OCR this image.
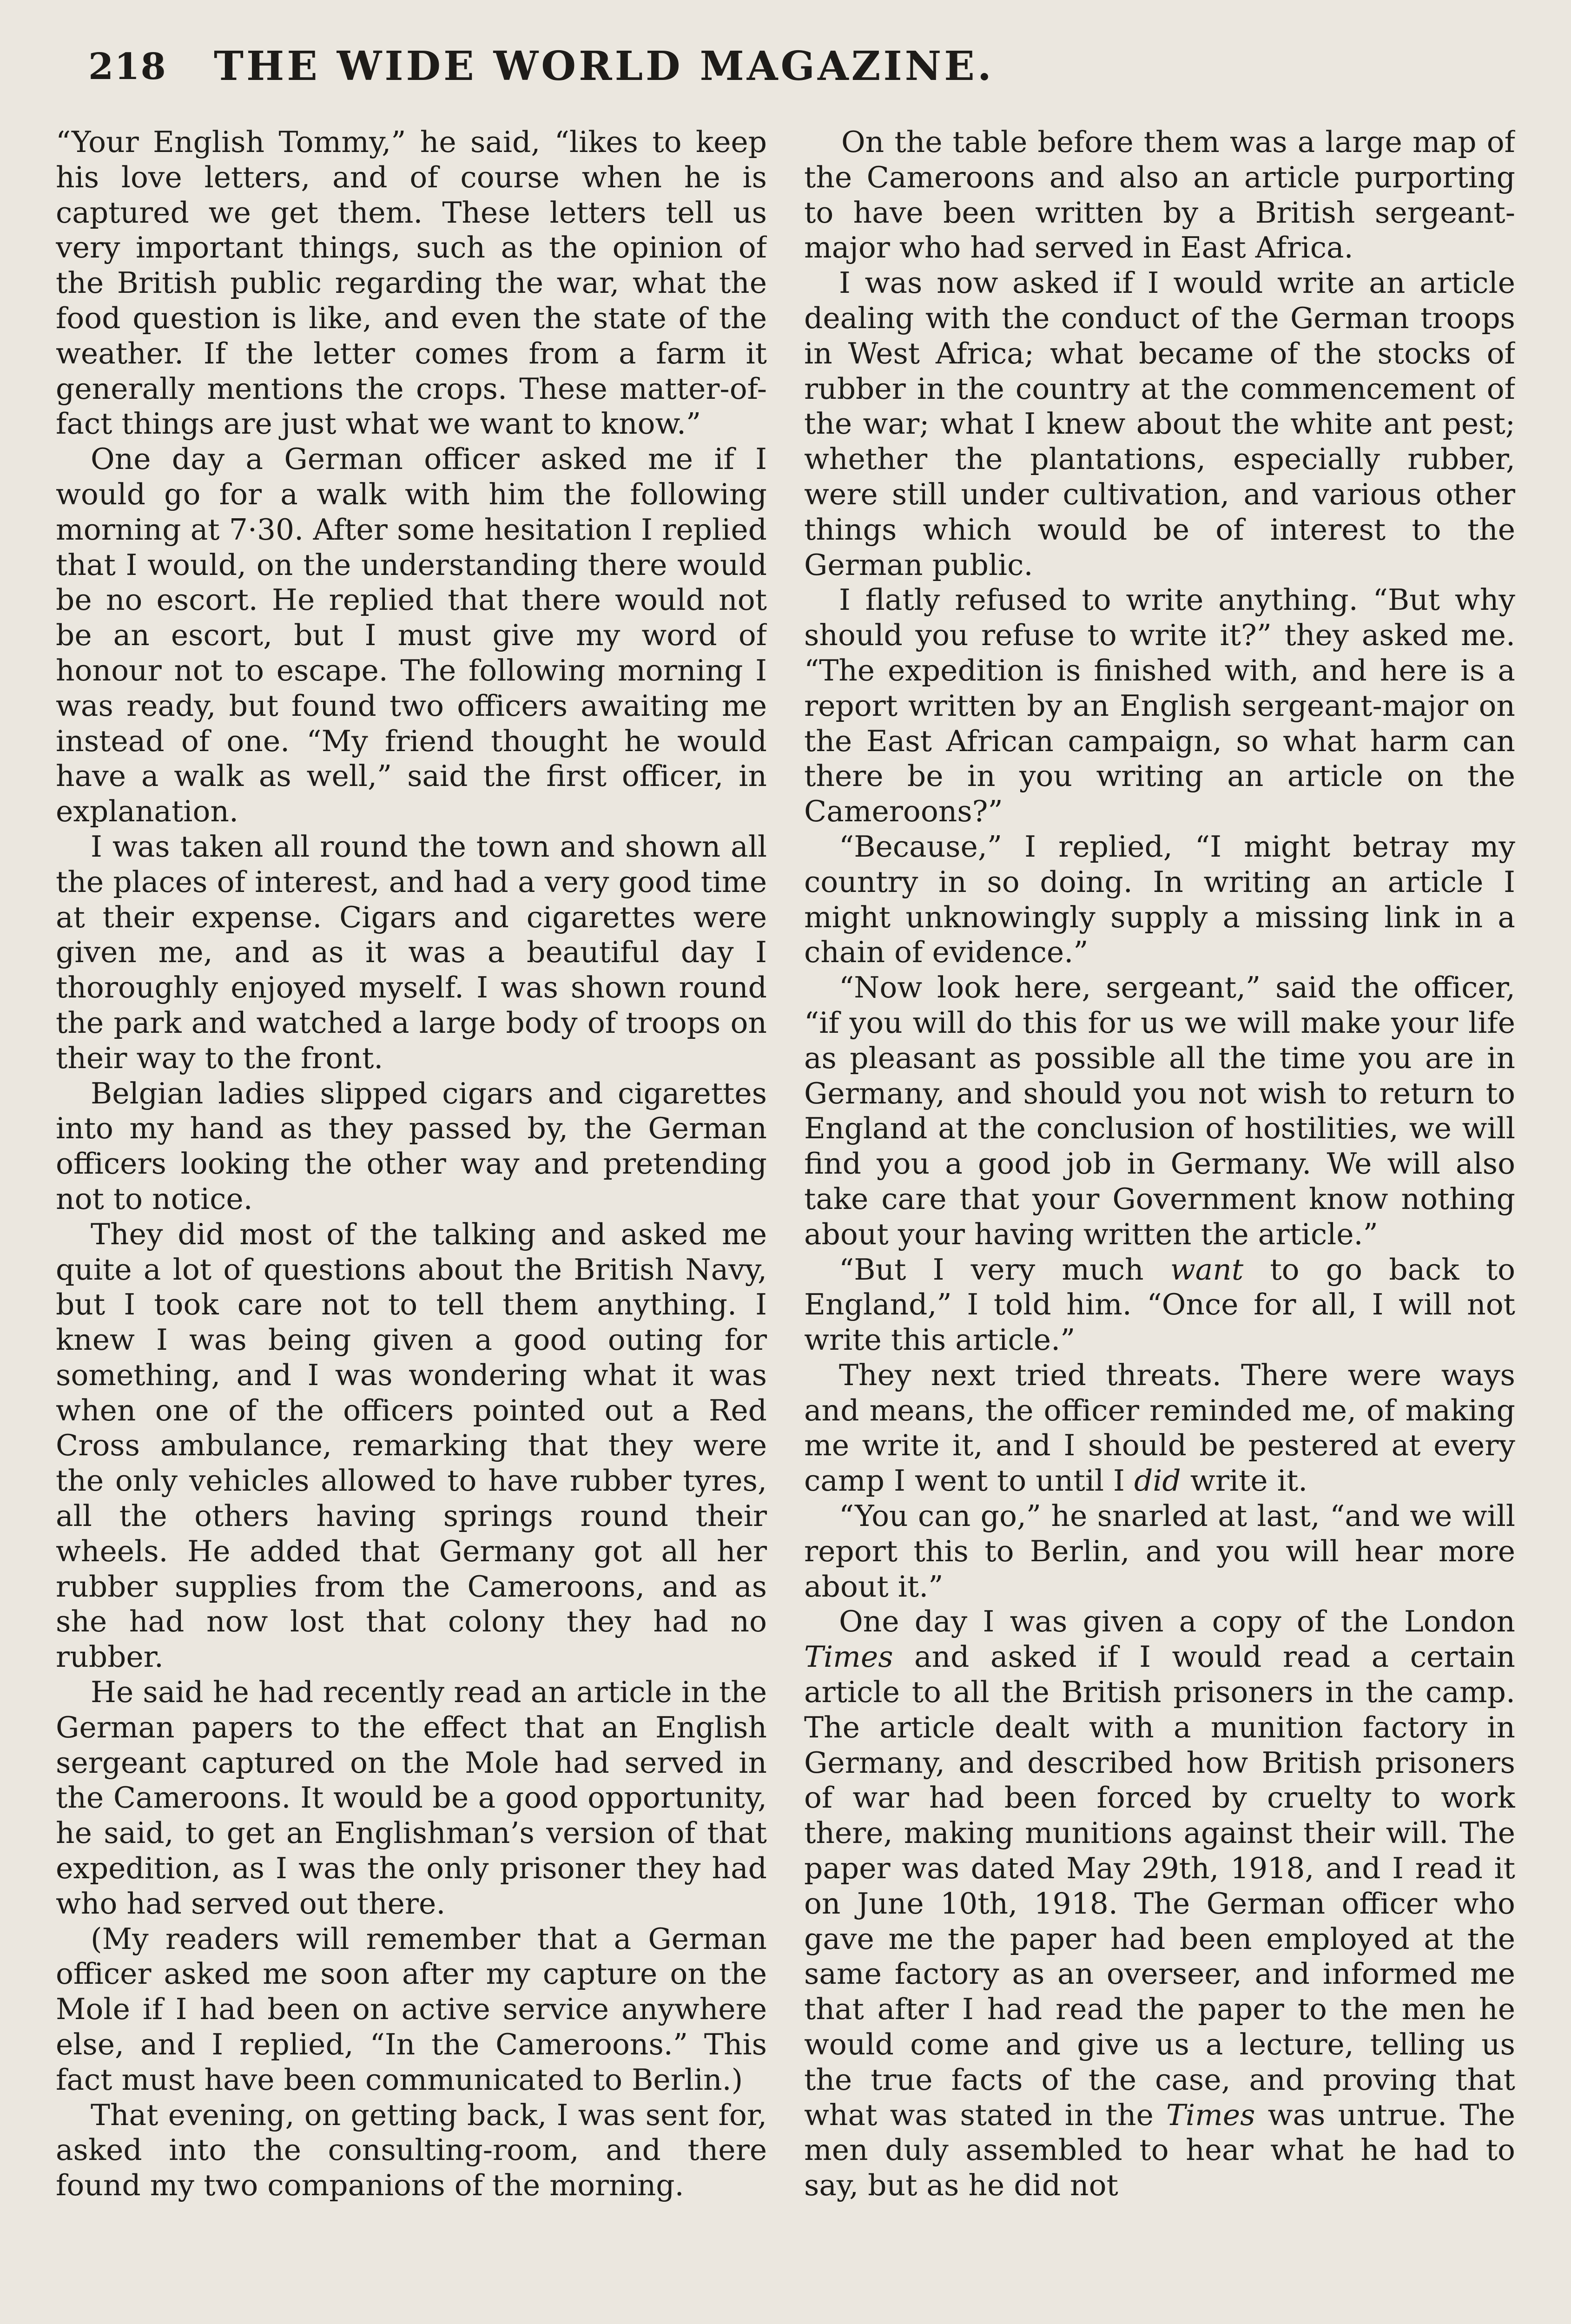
218 THE WIDE WORLD MAGAZINE.

“Your English Tommy,” he said, “likes to keep his love letters, and of course when he is captured we get them. These letters tell us very important things, such as the opinion of the British public regarding the war, what the food question is like, and even the state of the weather. If the letter comes from a farm it generally mentions the crops. These matter-of-fact things are just what we want to know.”

One day a German officer asked me if I would go for a walk with him the following morning at 7·30. After some hesitation I replied that I would, on the understanding there would be no escort. He replied that there would not be an escort, but I must give my word of honour not to escape. The following morning I was ready, but found two officers awaiting me instead of one. “My friend thought he would have a walk as well,” said the first officer, in explanation.

I was taken all round the town and shown all the places of interest, and had a very good time at their expense. Cigars and cigarettes were given me, and as it was a beautiful day I thoroughly enjoyed myself. I was shown round the park and watched a large body of troops on their way to the front.

Belgian ladies slipped cigars and cigarettes into my hand as they passed by, the German officers looking the other way and pretending not to notice.

They did most of the talking and asked me quite a lot of questions about the British Navy, but I took care not to tell them anything. I knew I was being given a good outing for something, and I was wondering what it was when one of the officers pointed out a Red Cross ambulance, remarking that they were the only vehicles allowed to have rubber tyres, all the others having springs round their wheels. He added that Germany got all her rubber supplies from the Cameroons, and as she had now lost that colony they had no rubber.

He said he had recently read an article in the German papers to the effect that an English sergeant captured on the Mole had served in the Cameroons. It would be a good opportunity, he said, to get an Englishman’s version of that expedition, as I was the only prisoner they had who had served out there.

(My readers will remember that a German officer asked me soon after my capture on the Mole if I had been on active service anywhere else, and I replied, “In the Cameroons.” This fact must have been communicated to Berlin.)

That evening, on getting back, I was sent for, asked into the consulting-room, and there found my two companions of the morning.

On the table before them was a large map of the Cameroons and also an article purporting to have been written by a British sergeant-major who had served in East Africa.

I was now asked if I would write an article dealing with the conduct of the German troops in West Africa; what became of the stocks of rubber in the country at the commencement of the war; what I knew about the white ant pest; whether the plantations, especially rubber, were still under cultivation, and various other things which would be of interest to the German public.

I flatly refused to write anything. “But why should you refuse to write it?” they asked me. “The expedition is finished with, and here is a report written by an English sergeant-major on the East African campaign, so what harm can there be in you writing an article on the Cameroons?”

“Because,” I replied, “I might betray my country in so doing. In writing an article I might unknowingly supply a missing link in a chain of evidence.”

“Now look here, sergeant,” said the officer, “if you will do this for us we will make your life as pleasant as possible all the time you are in Germany, and should you not wish to return to England at the conclusion of hostilities, we will find you a good job in Germany. We will also take care that your Government know nothing about your having written the article.”

“But I very much want to go back to England,” I told him. “Once for all, I will not write this article.”

They next tried threats. There were ways and means, the officer reminded me, of making me write it, and I should be pestered at every camp I went to until I did write it.

“You can go,” he snarled at last, “and we will report this to Berlin, and you will hear more about it.”

One day I was given a copy of the London Times and asked if I would read a certain article to all the British prisoners in the camp. The article dealt with a munition factory in Germany, and described how British prisoners of war had been forced by cruelty to work there, making munitions against their will. The paper was dated May 29th, 1918, and I read it on June 10th, 1918. The German officer who gave me the paper had been employed at the same factory as an overseer, and informed me that after I had read the paper to the men he would come and give us a lecture, telling us the true facts of the case, and proving that what was stated in the Times was untrue. The men duly assembled to hear what he had to say, but as he did not
